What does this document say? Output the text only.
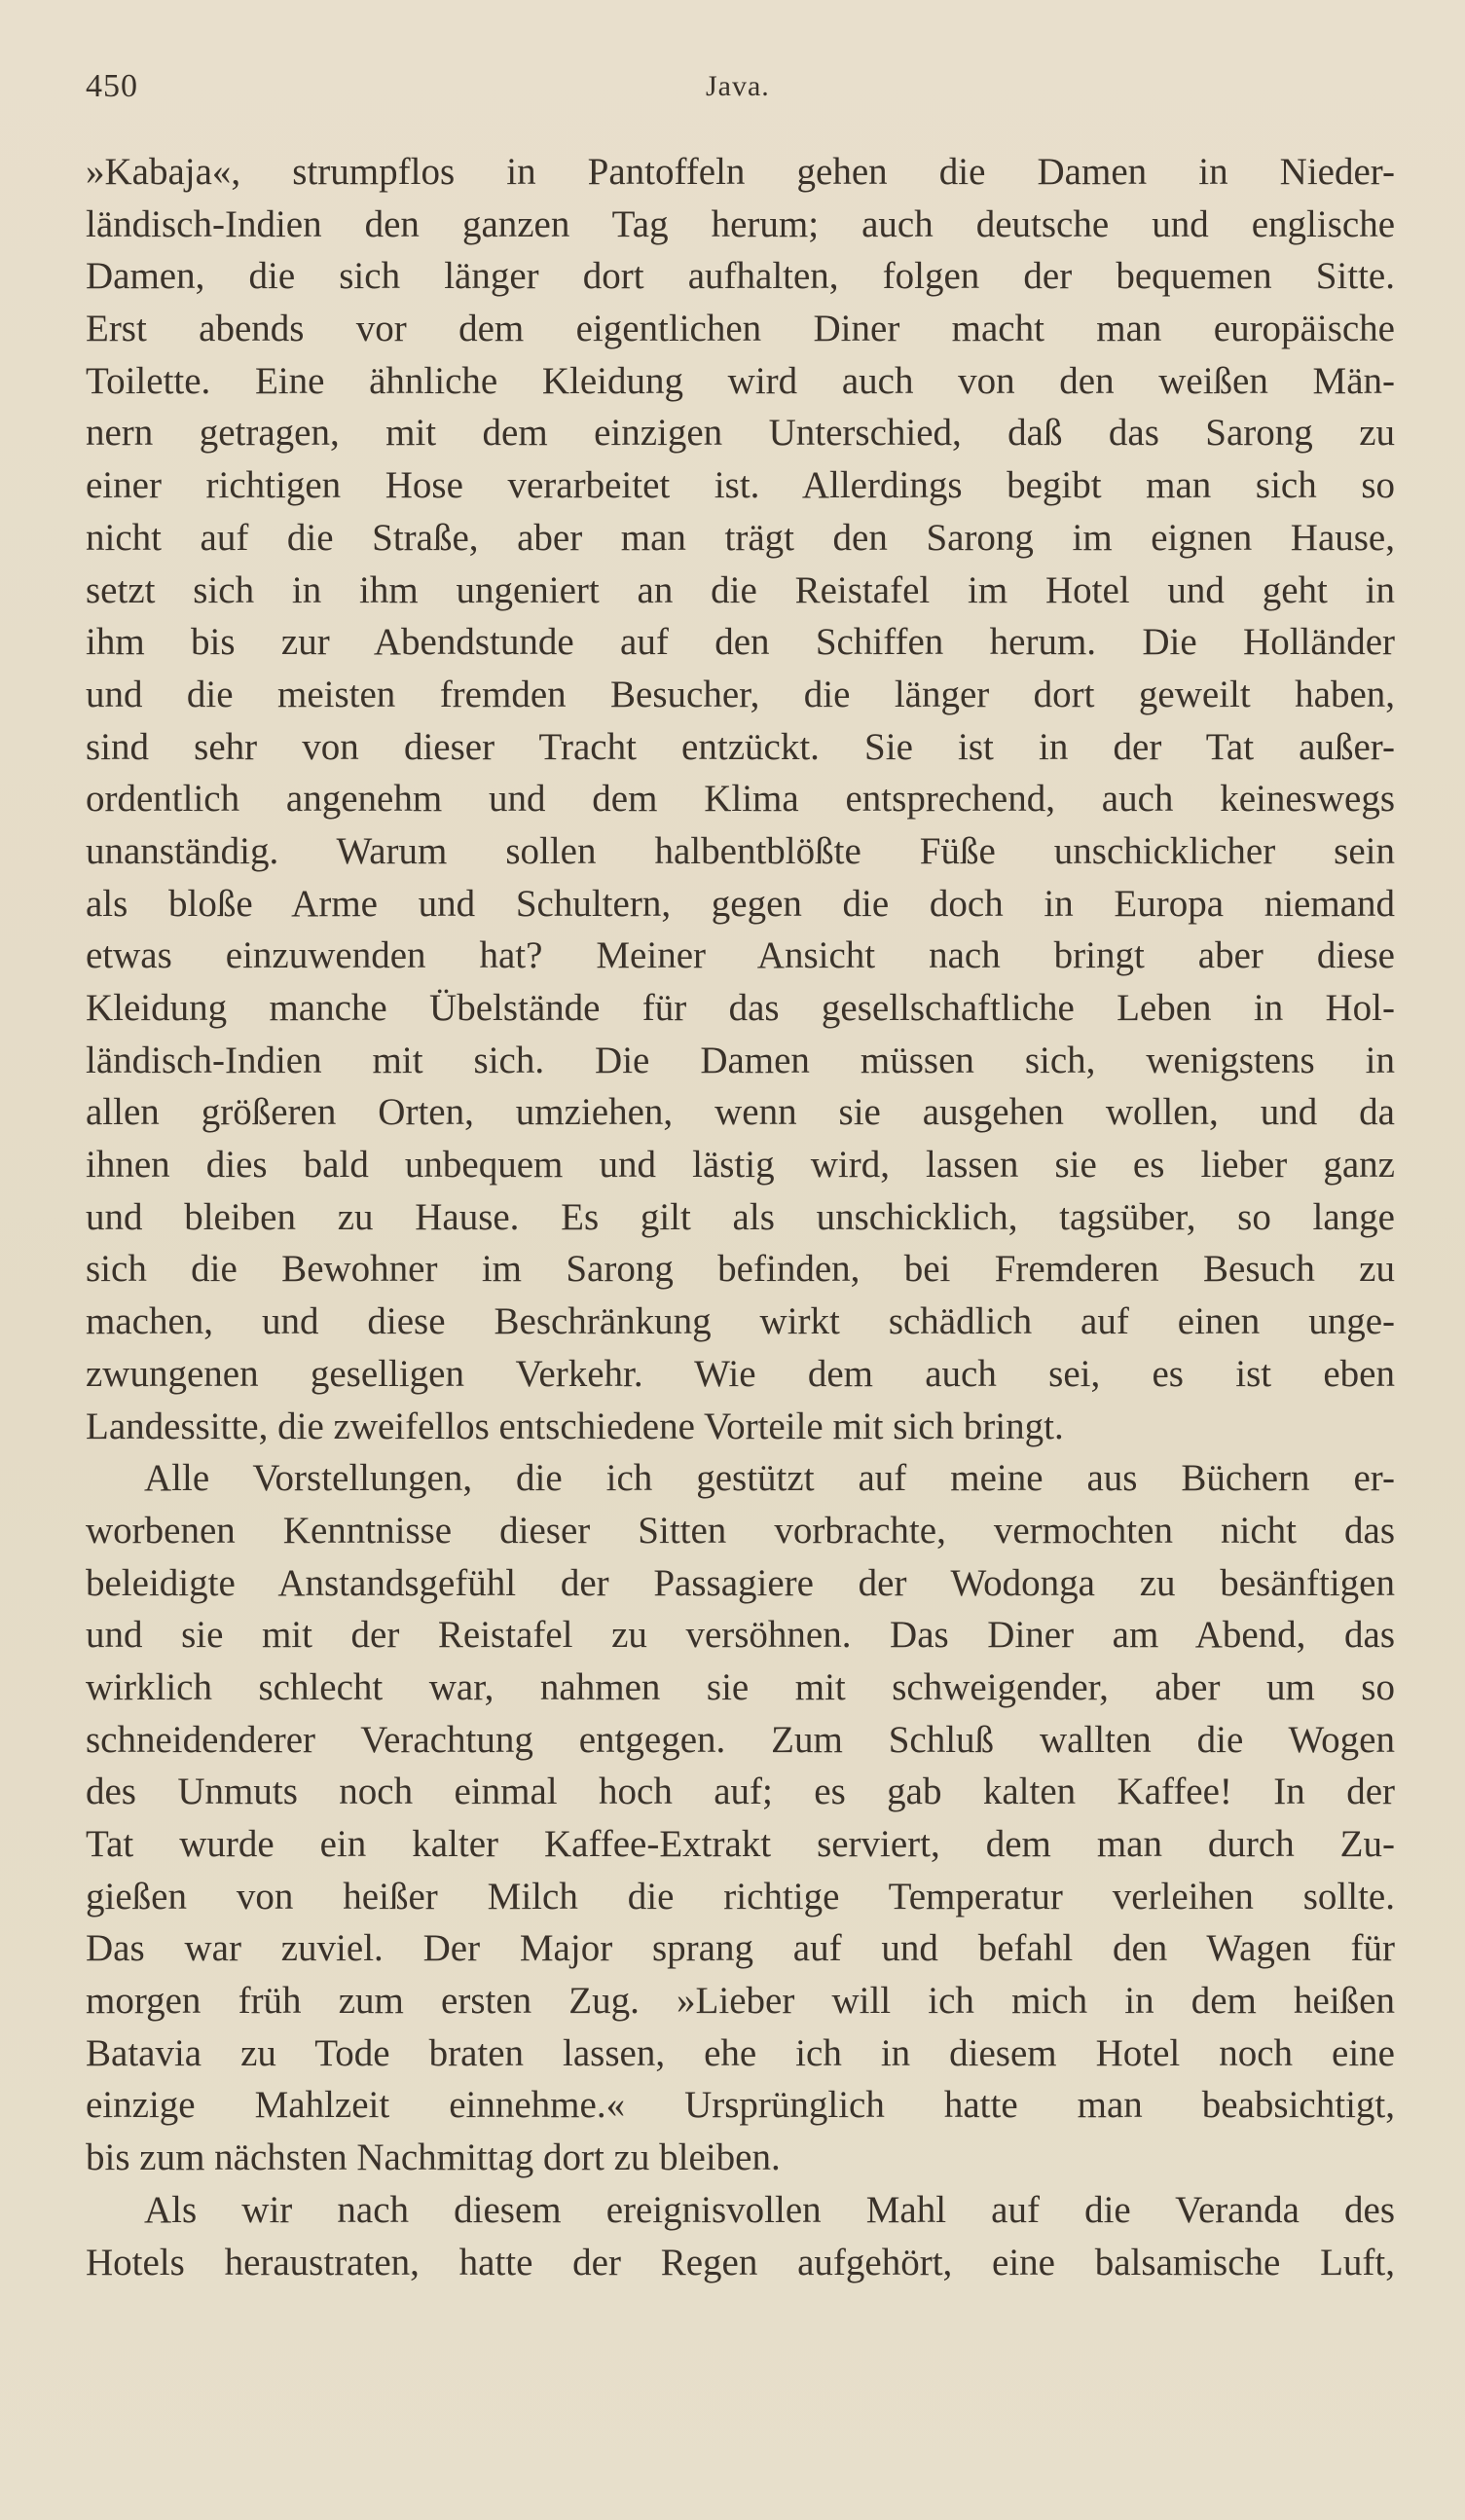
450	Java.
»Kabaja«, strumpflos in Pantoffeln gehen die Damen in Nieder-
ländisch-Indien den ganzen Tag herum; auch deutsche und englische
Damen, die sich länger dort aufhalten, folgen der bequemen Sitte.
Erst abends vor dem eigentlichen Diner macht man europäische
Toilette. Eine ähnliche Kleidung wird auch von den weißen Män-
nern getragen, mit dem einzigen Unterschied, daß das Sarong zu
einer richtigen Hose verarbeitet ist. Allerdings begibt man sich so
nicht auf die Straße, aber man trägt den Sarong im eignen Hause,
setzt sich in ihm ungeniert an die Reistafel im Hotel und geht in
ihm bis zur Abendstunde auf den Schiffen herum. Die Holländer
und die meisten fremden Besucher, die länger dort geweilt haben,
sind sehr von dieser Tracht entzückt. Sie ist in der Tat außer-
ordentlich angenehm und dem Klima entsprechend, auch keineswegs
unanständig. Warum sollen halbentblößte Füße unschicklicher sein
als bloße Arme und Schultern, gegen die doch in Europa niemand
etwas einzuwenden hat? Meiner Ansicht nach bringt aber diese
Kleidung manche Übelstände für das gesellschaftliche Leben in Hol-
ländisch-Indien mit sich. Die Damen müssen sich, wenigstens in
allen größeren Orten, umziehen, wenn sie ausgehen wollen, und da
ihnen dies bald unbequem und lästig wird, lassen sie es lieber ganz
und bleiben zu Hause. Es gilt als unschicklich, tagsüber, so lange
sich die Bewohner im Sarong befinden, bei Fremderen Besuch zu
machen, und diese Beschränkung wirkt schädlich auf einen unge-
zwungenen geselligen Verkehr. Wie dem auch sei, es ist eben
Landessitte, die zweifellos entschiedene Vorteile mit sich bringt.
Alle Vorstellungen, die ich gestützt auf meine aus Büchern er-
worbenen Kenntnisse dieser Sitten vorbrachte, vermochten nicht das
beleidigte Anstandsgefühl der Passagiere der Wodonga zu besänftigen
und sie mit der Reistafel zu versöhnen. Das Diner am Abend, das
wirklich schlecht war, nahmen sie mit schweigender, aber um so
schneidenderer Verachtung entgegen. Zum Schluß wallten die Wogen
des Unmuts noch einmal hoch auf; es gab kalten Kaffee! In der
Tat wurde ein kalter Kaffee-Extrakt serviert, dem man durch Zu-
gießen von heißer Milch die richtige Temperatur verleihen sollte.
Das war zuviel. Der Major sprang auf und befahl den Wagen für
morgen früh zum ersten Zug. »Lieber will ich mich in dem heißen
Batavia zu Tode braten lassen, ehe ich in diesem Hotel noch eine
einzige Mahlzeit einnehme.« Ursprünglich hatte man beabsichtigt,
bis zum nächsten Nachmittag dort zu bleiben.
Als wir nach diesem ereignisvollen Mahl auf die Veranda des
Hotels heraustraten, hatte der Regen aufgehört, eine balsamische Luft,
